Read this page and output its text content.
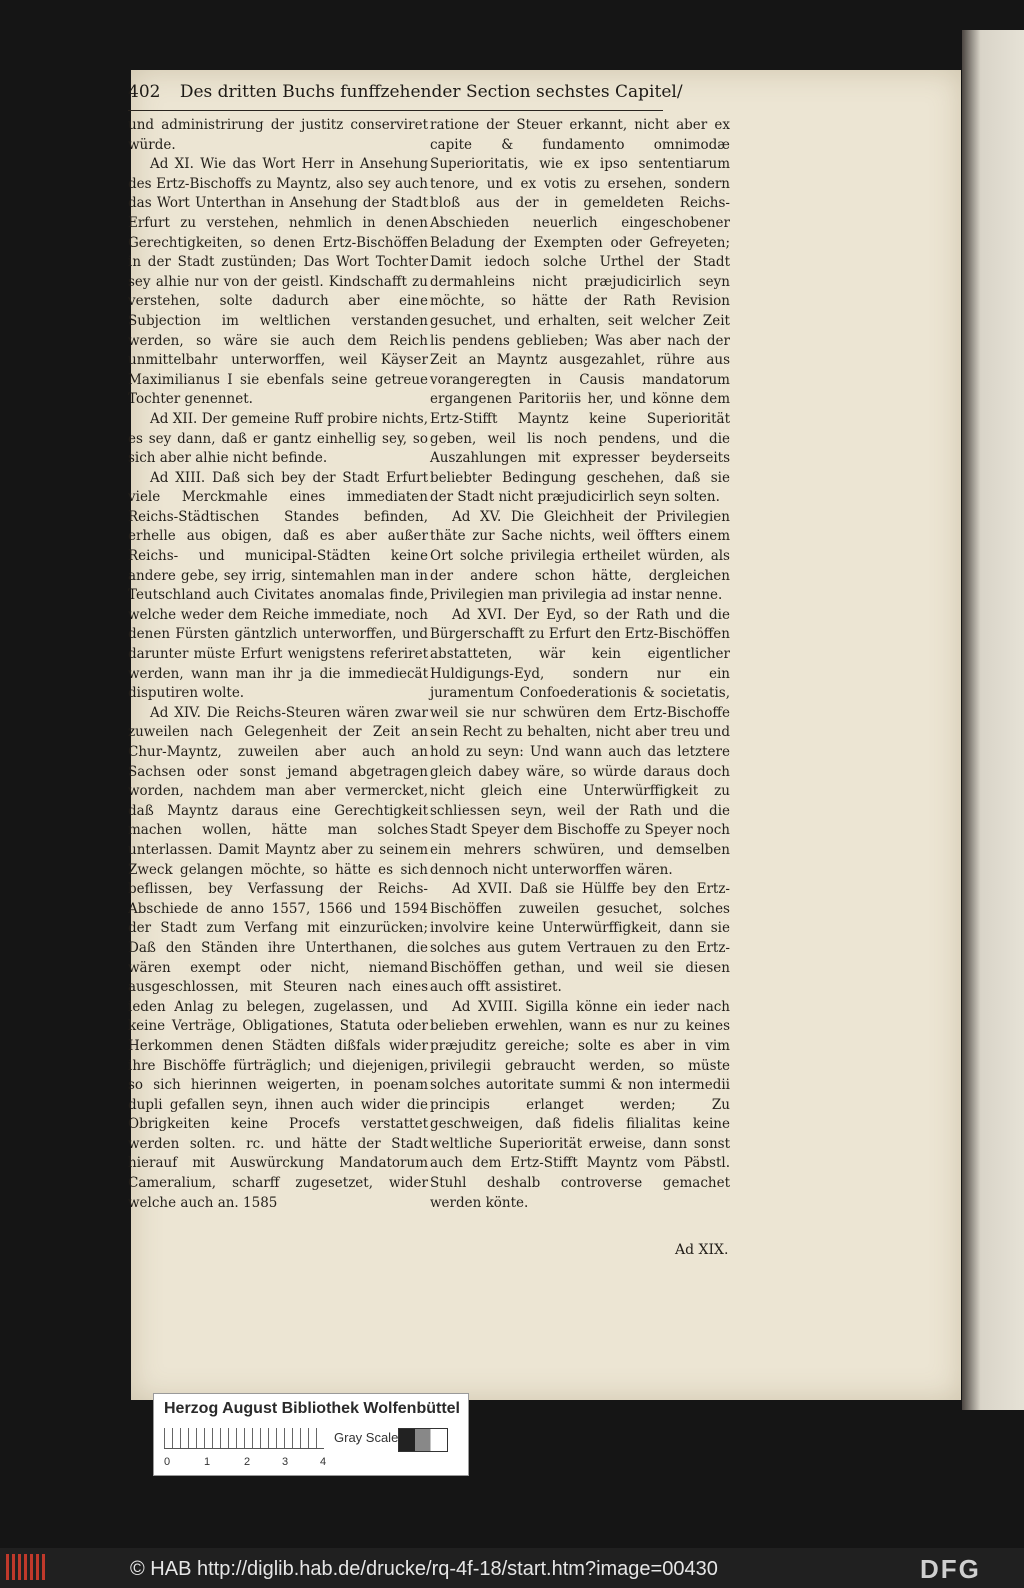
402 Des dritten Buchs funffzehender Section sechstes Capitel/

und administrirung der justitz conserviret würde.

Ad XI. Wie das Wort Herr in Ansehung des Ertz-Bischoffs zu Mayntz, also sey auch das Wort Unterthan in Ansehung der Stadt Erfurt zu verstehen, nehmlich in denen Gerechtigkeiten, so denen Ertz-Bischöffen in der Stadt zustünden; Das Wort Tochter sey alhie nur von der geistl. Kindschafft zu verstehen, solte dadurch aber eine Subjection im weltlichen verstanden werden, so wäre sie auch dem Reich unmittelbahr unterworffen, weil Käyser Maximilianus I sie ebenfals seine getreue Tochter genennet.

Ad XII. Der gemeine Ruff probire nichts, es sey dann, daß er gantz einhellig sey, so sich aber alhie nicht befinde.

Ad XIII. Daß sich bey der Stadt Erfurt viele Merckmahle eines immediaten Reichs-Städtischen Standes befinden, erhelle aus obigen, daß es aber außer Reichs- und municipal-Städten keine andere gebe, sey irrig, sintemahlen man in Teutschland auch Civitates anomalas finde, welche weder dem Reiche immediate, noch denen Fürsten gäntzlich unterworffen, und darunter müste Erfurt wenigstens referiret werden, wann man ihr ja die immediecät disputiren wolte.

Ad XIV. Die Reichs-Steuren wären zwar zuweilen nach Gelegenheit der Zeit an Chur-Mayntz, zuweilen aber auch an Sachsen oder sonst jemand abgetragen worden, nachdem man aber vermercket, daß Mayntz daraus eine Gerechtigkeit machen wollen, hätte man solches unterlassen. Damit Mayntz aber zu seinem Zweck gelangen möchte, so hätte es sich beflissen, bey Verfassung der Reichs-Abschiede de anno 1557, 1566 und 1594 der Stadt zum Verfang mit einzurücken; Daß den Ständen ihre Unterthanen, die wären exempt oder nicht, niemand ausgeschlossen, mit Steuren nach eines ieden Anlag zu belegen, zugelassen, und keine Verträge, Obligationes, Statuta oder Herkommen denen Städten dißfals wider ihre Bischöffe fürträglich; und diejenigen, so sich hierinnen weigerten, in poenam dupli gefallen seyn, ihnen auch wider die Obrigkeiten keine Procefs verstattet werden solten. rc. und hätte der Stadt hierauf mit Auswürckung Mandatorum Cameralium, scharff zugesetzet, wider welche auch an. 1585

ratione der Steuer erkannt, nicht aber ex capite & fundamento omnimodæ Superioritatis, wie ex ipso sententiarum tenore, und ex votis zu ersehen, sondern bloß aus der in gemeldeten Reichs-Abschieden neuerlich eingeschobener Beladung der Exempten oder Gefreyeten; Damit iedoch solche Urthel der Stadt dermahleins nicht præjudicirlich seyn möchte, so hätte der Rath Revision gesuchet, und erhalten, seit welcher Zeit lis pendens geblieben; Was aber nach der Zeit an Mayntz ausgezahlet, rühre aus vorangeregten in Causis mandatorum ergangenen Paritoriis her, und könne dem Ertz-Stifft Mayntz keine Superiorität geben, weil lis noch pendens, und die Auszahlungen mit expresser beyderseits beliebter Bedingung geschehen, daß sie der Stadt nicht præjudicirlich seyn solten.

Ad XV. Die Gleichheit der Privilegien thäte zur Sache nichts, weil öffters einem Ort solche privilegia ertheilet würden, als der andere schon hätte, dergleichen Privilegien man privilegia ad instar nenne.

Ad XVI. Der Eyd, so der Rath und die Bürgerschafft zu Erfurt den Ertz-Bischöffen abstatteten, wär kein eigentlicher Huldigungs-Eyd, sondern nur ein juramentum Confoederationis & societatis, weil sie nur schwüren dem Ertz-Bischoffe sein Recht zu behalten, nicht aber treu und hold zu seyn: Und wann auch das letztere gleich dabey wäre, so würde daraus doch nicht gleich eine Unterwürffigkeit zu schliessen seyn, weil der Rath und die Stadt Speyer dem Bischoffe zu Speyer noch ein mehrers schwüren, und demselben dennoch nicht unterworffen wären.

Ad XVII. Daß sie Hülffe bey den Ertz-Bischöffen zuweilen gesuchet, solches involvire keine Unterwürffigkeit, dann sie solches aus gutem Vertrauen zu den Ertz-Bischöffen gethan, und weil sie diesen auch offt assistiret.

Ad XVIII. Sigilla könne ein ieder nach belieben erwehlen, wann es nur zu keines præjuditz gereiche; solte es aber in vim privilegii gebraucht werden, so müste solches autoritate summi & non intermedii principis erlanget werden; Zu geschweigen, daß fidelis filialitas keine weltliche Superiorität erweise, dann sonst auch dem Ertz-Stifft Mayntz vom Päbstl. Stuhl deshalb controverse gemachet werden könte.

Ad XIX.
Herzog August Bibliothek Wolfenbüttel
0	1	2	3	4
Gray Scale
© HAB http://diglib.hab.de/drucke/rq-4f-18/start.htm?image=00430	DFG
